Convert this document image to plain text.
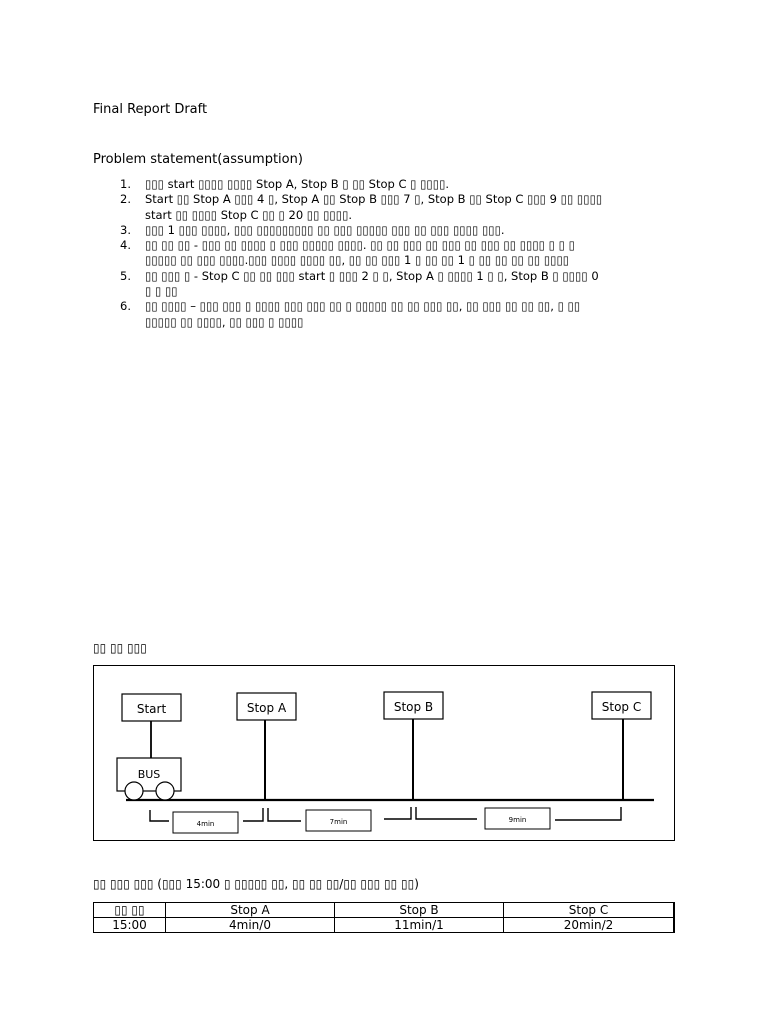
Final Report Draft
Problem statement(assumption)
1. ▯▯▯ start ▯▯▯▯ ▯▯▯▯ Stop A, Stop B ▯ ▯▯ Stop C ▯ ▯▯▯▯.
2. Start ▯▯ Stop A ▯▯▯ 4 ▯, Stop A ▯▯ Stop B ▯▯▯ 7 ▯, Stop B ▯▯ Stop C ▯▯▯ 9 ▯▯ ▯▯▯▯
start ▯▯ ▯▯▯▯ Stop C ▯▯ ▯ 20 ▯▯ ▯▯▯▯.
3. ▯▯▯ 1 ▯▯▯ ▯▯▯▯, ▯▯▯ ▯▯▯▯▯▯▯▯▯ ▯▯ ▯▯▯ ▯▯▯▯▯ ▯▯▯ ▯▯ ▯▯▯ ▯▯▯▯ ▯▯▯.
4. ▯▯ ▯▯ ▯▯ - ▯▯▯ ▯▯ ▯▯▯▯ ▯ ▯▯▯ ▯▯▯▯▯ ▯▯▯▯. ▯▯ ▯▯ ▯▯▯ ▯▯ ▯▯▯ ▯▯ ▯▯▯ ▯▯ ▯▯▯▯ ▯ ▯ ▯
▯▯▯▯▯ ▯▯ ▯▯▯ ▯▯▯▯.▯▯▯ ▯▯▯▯ ▯▯▯▯ ▯▯, ▯▯ ▯▯ ▯▯▯ 1 ▯ ▯▯ ▯▯ 1 ▯ ▯▯ ▯▯ ▯▯ ▯▯ ▯▯▯▯
5. ▯▯ ▯▯▯ ▯ - Stop C ▯▯ ▯▯ ▯▯▯ start ▯ ▯▯▯ 2 ▯ ▯, Stop A ▯ ▯▯▯▯ 1 ▯ ▯, Stop B ▯ ▯▯▯▯ 0
▯ ▯ ▯▯
6. ▯▯ ▯▯▯▯ – ▯▯▯ ▯▯▯ ▯ ▯▯▯▯ ▯▯▯ ▯▯▯ ▯▯ ▯ ▯▯▯▯▯ ▯▯ ▯▯ ▯▯▯ ▯▯, ▯▯ ▯▯▯ ▯▯ ▯▯ ▯▯, ▯ ▯▯
▯▯▯▯▯ ▯▯ ▯▯▯▯, ▯▯ ▯▯▯ ▯ ▯▯▯▯
▯▯ ▯▯ ▯▯▯
Start	Stop A	Stop B	Stop C
BUS
4min	7min	9min
▯▯ ▯▯▯ ▯▯▯ (▯▯▯ 15:00 ▯ ▯▯▯▯▯ ▯▯, ▯▯ ▯▯ ▯▯/▯▯ ▯▯▯ ▯▯ ▯▯)
▯▯ ▯▯	Stop A	Stop B	Stop C
15:00	4min/0	11min/1	20min/2
